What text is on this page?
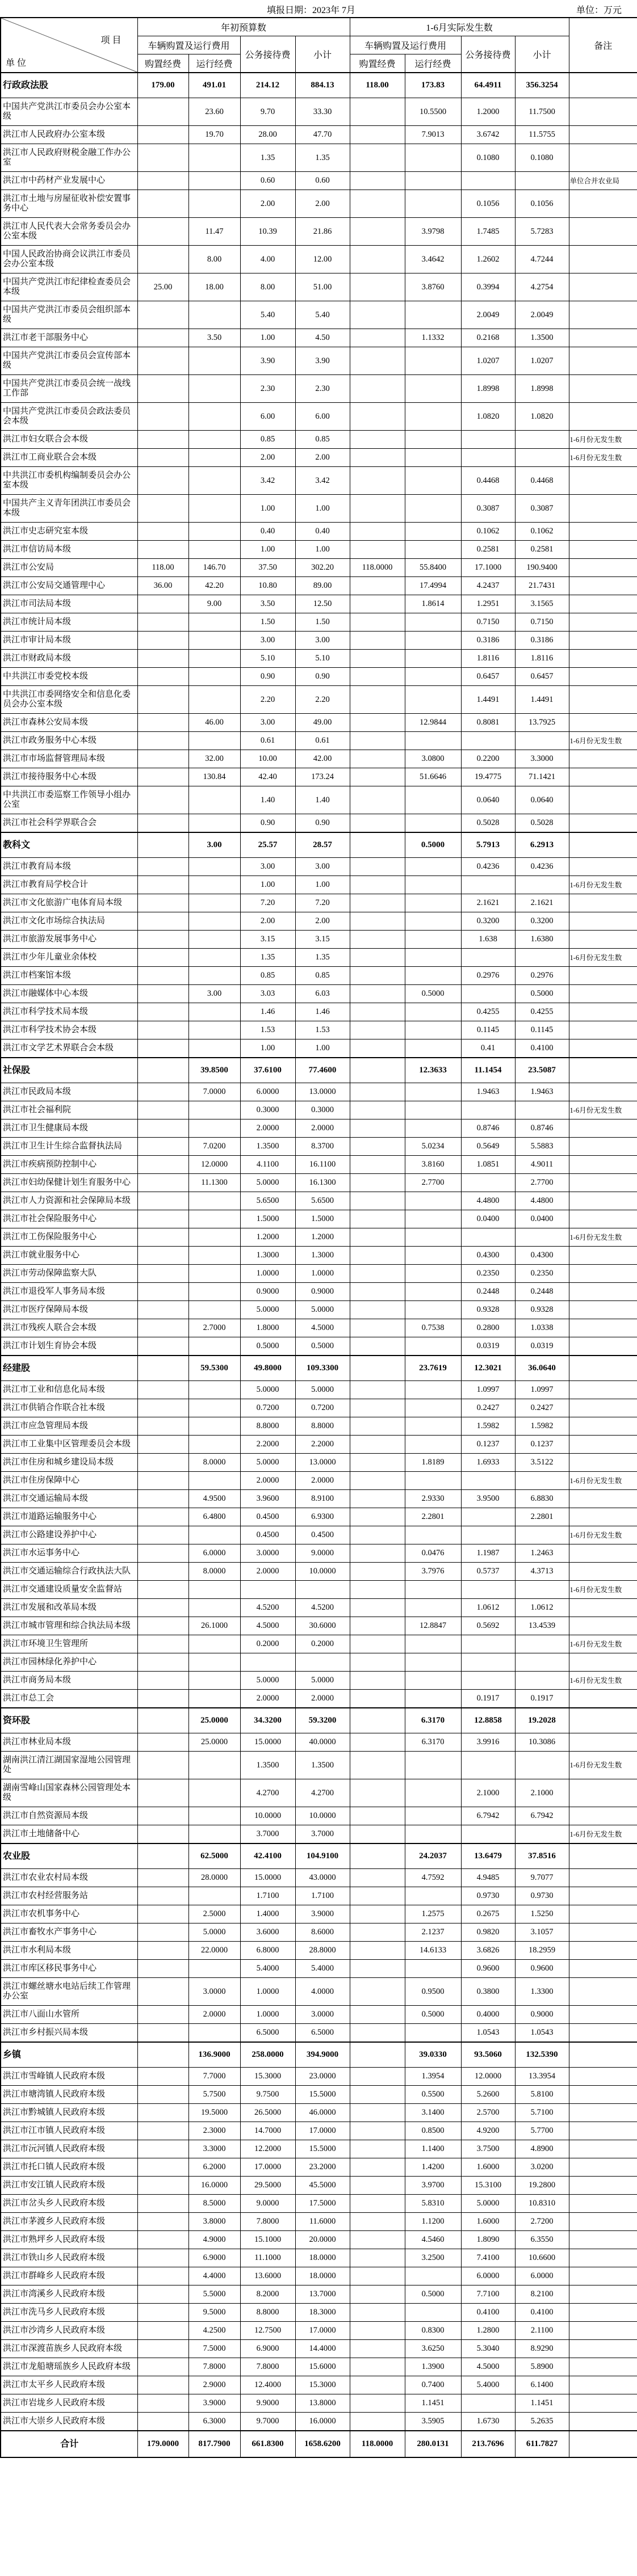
填报日期：2023年 7月	单位：万元
项 目
单 位	年初预算数				1-6月实际发生数				备注
	车辆购置及运行费用		公务接待费	小计	车辆购置及运行费用		公务接待费	小计	
	购置经费	运行经费			购置经费	运行经费			
行政政法股	179.00	491.01	214.12	884.13	118.00	173.83	64.4911	356.3254	
中国共产党洪江市委员会办公室本级		23.60	9.70	33.30		10.5500	1.2000	11.7500	
洪江市人民政府办公室本级		19.70	28.00	47.70		7.9013	3.6742	11.5755	
洪江市人民政府财税金融工作办公室			1.35	1.35			0.1080	0.1080	
洪江市中药材产业发展中心			0.60	0.60					单位合并农业局
洪江市土地与房屋征收补偿安置事务中心			2.00	2.00			0.1056	0.1056	
洪江市人民代表大会常务委员会办公室本级		11.47	10.39	21.86		3.9798	1.7485	5.7283	
中国人民政治协商会议洪江市委员会办公室本级		8.00	4.00	12.00		3.4642	1.2602	4.7244	
中国共产党洪江市纪律检查委员会本级	25.00	18.00	8.00	51.00		3.8760	0.3994	4.2754	
中国共产党洪江市委员会组织部本级			5.40	5.40			2.0049	2.0049	
洪江市老干部服务中心		3.50	1.00	4.50		1.1332	0.2168	1.3500	
中国共产党洪江市委员会宣传部本级			3.90	3.90			1.0207	1.0207	
中国共产党洪江市委员会统一战线工作部			2.30	2.30			1.8998	1.8998	
中国共产党洪江市委员会政法委员会本级			6.00	6.00			1.0820	1.0820	
洪江市妇女联合会本级			0.85	0.85					1-6月份无发生数
洪江市工商业联合会本级			2.00	2.00					1-6月份无发生数
中共洪江市委机构编制委员会办公室本级			3.42	3.42			0.4468	0.4468	
中国共产主义青年团洪江市委员会本级			1.00	1.00			0.3087	0.3087	
洪江市史志研究室本级			0.40	0.40			0.1062	0.1062	
洪江市信访局本级			1.00	1.00			0.2581	0.2581	
洪江市公安局	118.00	146.70	37.50	302.20	118.0000	55.8400	17.1000	190.9400	
洪江市公安局交通管理中心	36.00	42.20	10.80	89.00		17.4994	4.2437	21.7431	
洪江市司法局本级		9.00	3.50	12.50		1.8614	1.2951	3.1565	
洪江市统计局本级			1.50	1.50			0.7150	0.7150	
洪江市审计局本级			3.00	3.00			0.3186	0.3186	
洪江市财政局本级			5.10	5.10			1.8116	1.8116	
中共洪江市委党校本级			0.90	0.90			0.6457	0.6457	
中共洪江市委网络安全和信息化委员会办公室本级			2.20	2.20			1.4491	1.4491	
洪江市森林公安局本级		46.00	3.00	49.00		12.9844	0.8081	13.7925	
洪江市政务服务中心本级			0.61	0.61					1-6月份无发生数
洪江市市场监督管理局本级		32.00	10.00	42.00		3.0800	0.2200	3.3000	
洪江市接待服务中心本级		130.84	42.40	173.24		51.6646	19.4775	71.1421	
中共洪江市委巡察工作领导小组办公室			1.40	1.40			0.0640	0.0640	
洪江市社会科学界联合会			0.90	0.90			0.5028	0.5028	
教科文		3.00	25.57	28.57		0.5000	5.7913	6.2913	
洪江市教育局本级			3.00	3.00			0.4236	0.4236	
洪江市教育局学校合计			1.00	1.00					1-6月份无发生数
洪江市文化旅游广电体育局本级			7.20	7.20			2.1621	2.1621	
洪江市文化市场综合执法局			2.00	2.00			0.3200	0.3200	
洪江市旅游发展事务中心			3.15	3.15			1.638	1.6380	
洪江市少年儿童业余体校			1.35	1.35					1-6月份无发生数
洪江市档案馆本级			0.85	0.85			0.2976	0.2976	
洪江市融媒体中心本级		3.00	3.03	6.03		0.5000		0.5000	
洪江市科学技术局本级			1.46	1.46			0.4255	0.4255	
洪江市科学技术协会本级			1.53	1.53			0.1145	0.1145	
洪江市文学艺术界联合会本级			1.00	1.00			0.41	0.4100	
社保股		39.8500	37.6100	77.4600		12.3633	11.1454	23.5087	
洪江市民政局本级		7.0000	6.0000	13.0000			1.9463	1.9463	
洪江市社会福利院			0.3000	0.3000					1-6月份无发生数
洪江市卫生健康局本级			2.0000	2.0000			0.8746	0.8746	
洪江市卫生计生综合监督执法局		7.0200	1.3500	8.3700		5.0234	0.5649	5.5883	
洪江市疾病预防控制中心		12.0000	4.1100	16.1100		3.8160	1.0851	4.9011	
洪江市妇幼保健计划生育服务中心		11.1300	5.0000	16.1300		2.7700		2.7700	
洪江市人力资源和社会保障局本级			5.6500	5.6500			4.4800	4.4800	
洪江市社会保险服务中心			1.5000	1.5000			0.0400	0.0400	
洪江市工伤保险服务中心			1.2000	1.2000					1-6月份无发生数
洪江市就业服务中心			1.3000	1.3000			0.4300	0.4300	
洪江市劳动保障监察大队			1.0000	1.0000			0.2350	0.2350	
洪江市退役军人事务局本级			0.9000	0.9000			0.2448	0.2448	
洪江市医疗保障局本级			5.0000	5.0000			0.9328	0.9328	
洪江市残疾人联合会本级		2.7000	1.8000	4.5000		0.7538	0.2800	1.0338	
洪江市计划生育协会本级			0.5000	0.5000			0.0319	0.0319	
经建股		59.5300	49.8000	109.3300		23.7619	12.3021	36.0640	
洪江市工业和信息化局本级			5.0000	5.0000			1.0997	1.0997	
洪江市供销合作联合社本级			0.7200	0.7200			0.2427	0.2427	
洪江市应急管理局本级			8.8000	8.8000			1.5982	1.5982	
洪江市工业集中区管理委员会本级			2.2000	2.2000			0.1237	0.1237	
洪江市住房和城乡建设局本级		8.0000	5.0000	13.0000		1.8189	1.6933	3.5122	
洪江市住房保障中心			2.0000	2.0000					1-6月份无发生数
洪江市交通运输局本级		4.9500	3.9600	8.9100		2.9330	3.9500	6.8830	
洪江市道路运输服务中心		6.4800	0.4500	6.9300		2.2801		2.2801	
洪江市公路建设养护中心			0.4500	0.4500					1-6月份无发生数
洪江市水运事务中心		6.0000	3.0000	9.0000		0.0476	1.1987	1.2463	
洪江市交通运输综合行政执法大队		8.0000	2.0000	10.0000		3.7976	0.5737	4.3713	
洪江市交通建设质量安全监督站									1-6月份无发生数
洪江市发展和改革局本级			4.5200	4.5200			1.0612	1.0612	
洪江市城市管理和综合执法局本级		26.1000	4.5000	30.6000		12.8847	0.5692	13.4539	
洪江市环境卫生管理所			0.2000	0.2000					1-6月份无发生数
洪江市园林绿化养护中心									
洪江市商务局本级			5.0000	5.0000					1-6月份无发生数
洪江市总工会			2.0000	2.0000			0.1917	0.1917	
资环股		25.0000	34.3200	59.3200		6.3170	12.8858	19.2028	
洪江市林业局本级		25.0000	15.0000	40.0000		6.3170	3.9916	10.3086	
湖南洪江清江湖国家湿地公园管理处			1.3500	1.3500					1-6月份无发生数
湖南雪峰山国家森林公园管理处本级			4.2700	4.2700			2.1000	2.1000	
洪江市自然资源局本级			10.0000	10.0000			6.7942	6.7942	
洪江市土地储备中心			3.7000	3.7000					1-6月份无发生数
农业股		62.5000	42.4100	104.9100		24.2037	13.6479	37.8516	
洪江市农业农村局本级		28.0000	15.0000	43.0000		4.7592	4.9485	9.7077	
洪江市农村经营服务站			1.7100	1.7100			0.9730	0.9730	
洪江市农机事务中心		2.5000	1.4000	3.9000		1.2575	0.2675	1.5250	
洪江市畜牧水产事务中心		5.0000	3.6000	8.6000		2.1237	0.9820	3.1057	
洪江市水利局本级		22.0000	6.8000	28.8000		14.6133	3.6826	18.2959	
洪江市库区移民事务中心			5.4000	5.4000			0.9600	0.9600	
洪江市螺丝塘水电站后续工作管理办公室		3.0000	1.0000	4.0000		0.9500	0.3800	1.3300	
洪江市八面山水管所		2.0000	1.0000	3.0000		0.5000	0.4000	0.9000	
洪江市乡村振兴局本级			6.5000	6.5000			1.0543	1.0543	
乡镇		136.9000	258.0000	394.9000		39.0330	93.5060	132.5390	
洪江市雪峰镇人民政府本级		7.7000	15.3000	23.0000		1.3954	12.0000	13.3954	
洪江市塘湾镇人民政府本级		5.7500	9.7500	15.5000		0.5500	5.2600	5.8100	
洪江市黔城镇人民政府本级		19.5000	26.5000	46.0000		3.1400	2.5700	5.7100	
洪江市江市镇人民政府本级		2.3000	14.7000	17.0000		0.8500	4.9200	5.7700	
洪江市沅河镇人民政府本级		3.3000	12.2000	15.5000		1.1400	3.7500	4.8900	
洪江市托口镇人民政府本级		6.2000	17.0000	23.2000		1.4200	1.6000	3.0200	
洪江市安江镇人民政府本级		16.0000	29.5000	45.5000		3.9700	15.3100	19.2800	
洪江市岔头乡人民政府本级		8.5000	9.0000	17.5000		5.8310	5.0000	10.8310	
洪江市茅渡乡人民政府本级		3.8000	7.8000	11.6000		1.1200	1.6000	2.7200	
洪江市熟坪乡人民政府本级		4.9000	15.1000	20.0000		4.5460	1.8090	6.3550	
洪江市铁山乡人民政府本级		6.9000	11.1000	18.0000		3.2500	7.4100	10.6600	
洪江市群峰乡人民政府本级		4.4000	13.6000	18.0000			6.0000	6.0000	
洪江市湾溪乡人民政府本级		5.5000	8.2000	13.7000		0.5000	7.7100	8.2100	
洪江市洗马乡人民政府本级		9.5000	8.8000	18.3000			0.4100	0.4100	
洪江市沙湾乡人民政府本级		4.2500	12.7500	17.0000		0.8300	1.2800	2.1100	
洪江市深渡苗族乡人民政府本级		7.5000	6.9000	14.4000		3.6250	5.3040	8.9290	
洪江市龙船塘瑶族乡人民政府本级		7.8000	7.8000	15.6000		1.3900	4.5000	5.8900	
洪江市太平乡人民政府本级		2.9000	12.4000	15.3000		0.7400	5.4000	6.1400	
洪江市岩垅乡人民政府本级		3.9000	9.9000	13.8000		1.1451		1.1451	
洪江市大崇乡人民政府本级		6.3000	9.7000	16.0000		3.5905	1.6730	5.2635	
合计	179.0000	817.7900	661.8300	1658.6200	118.0000	280.0131	213.7696	611.7827	
